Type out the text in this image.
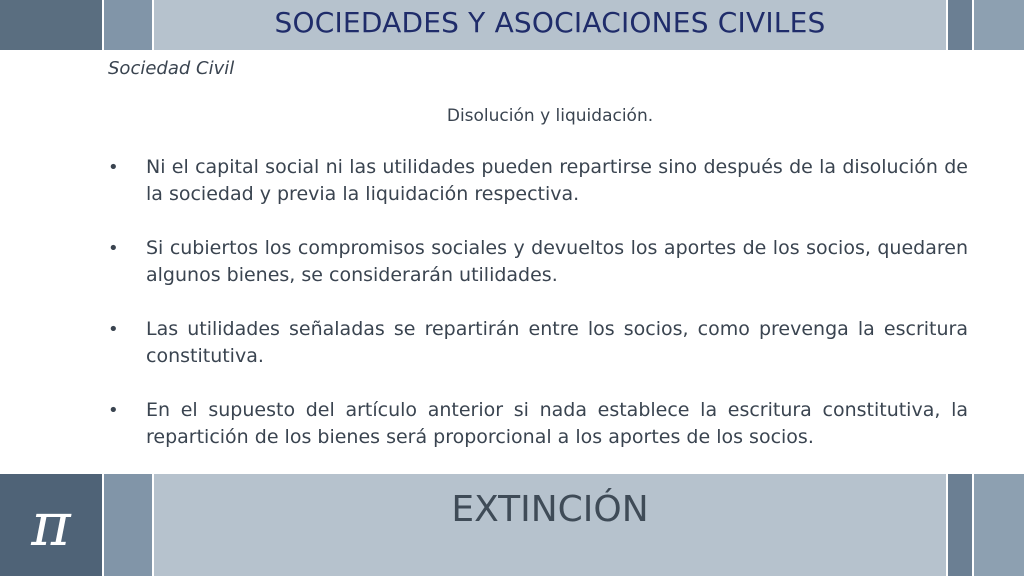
SOCIEDADES Y ASOCIACIONES CIVILES
Sociedad Civil
Disolución y liquidación.
•	Ni el capital social ni las utilidades pueden repartirse sino después de la disolución de la sociedad y previa la liquidación respectiva.
•	Si cubiertos los compromisos sociales y devueltos los aportes de los socios, quedaren algunos bienes, se considerarán utilidades.
•	Las utilidades señaladas se repartirán entre los socios, como prevenga la escritura constitutiva.
•	En el supuesto del artículo anterior si nada establece la escritura constitutiva, la repartición de los bienes será proporcional a los aportes de los socios.
π	EXTINCIÓN
